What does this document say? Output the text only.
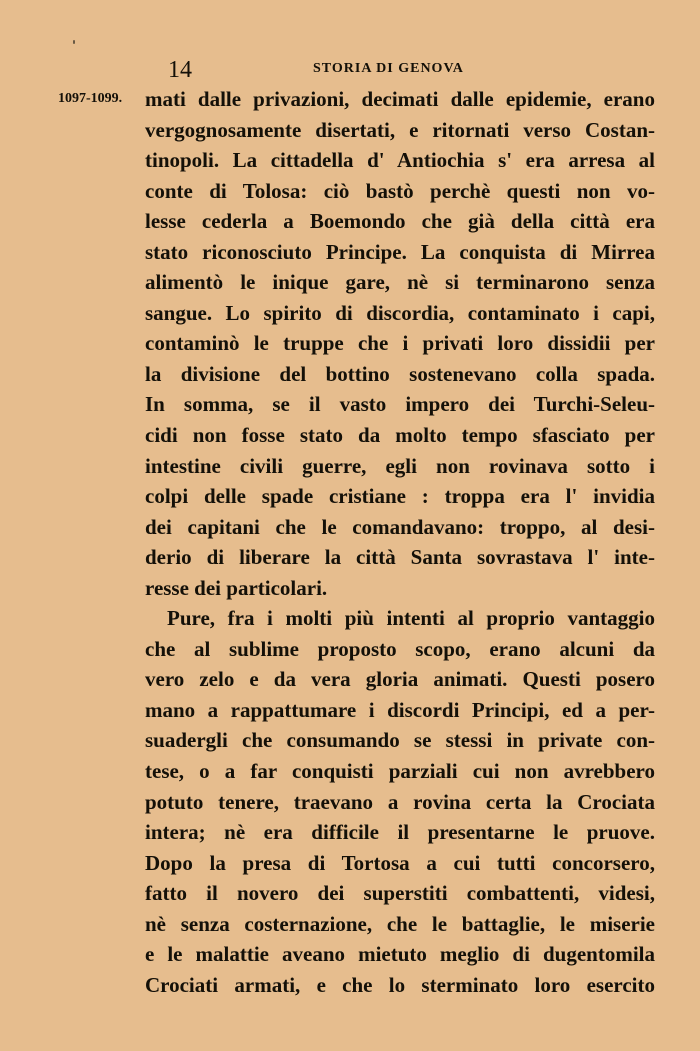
14	STORIA DI GENOVA
1097-1099. mati dalle privazioni, decimati dalle epidemie, erano
vergognosamente disertati, e ritornati verso Costan-
tinopoli. La cittadella d' Antiochia s' era arresa al
conte di Tolosa: ciò bastò perchè questi non vo-
lesse cederla a Boemondo che già della città era
stato riconosciuto Principe. La conquista di Mirrea
alimentò le inique gare, nè si terminarono senza
sangue. Lo spirito di discordia, contaminato i capi,
contaminò le truppe che i privati loro dissidii per
la divisione del bottino sostenevano colla spada.
In somma, se il vasto impero dei Turchi-Seleu-
cidi non fosse stato da molto tempo sfasciato per
intestine civili guerre, egli non rovinava sotto i
colpi delle spade cristiane : troppa era l' invidia
dei capitani che le comandavano: troppo, al desi-
derio di liberare la città Santa sovrastava l' inte-
resse dei particolari.
Pure, fra i molti più intenti al proprio vantaggio
che al sublime proposto scopo, erano alcuni da
vero zelo e da vera gloria animati. Questi posero
mano a rappattumare i discordi Principi, ed a per-
suadergli che consumando se stessi in private con-
tese, o a far conquisti parziali cui non avrebbero
potuto tenere, traevano a rovina certa la Crociata
intera; nè era difficile il presentarne le pruove.
Dopo la presa di Tortosa a cui tutti concorsero,
fatto il novero dei superstiti combattenti, videsi,
nè senza costernazione, che le battaglie, le miserie
e le malattie aveano mietuto meglio di dugentomila
Crociati armati, e che lo sterminato loro esercito
